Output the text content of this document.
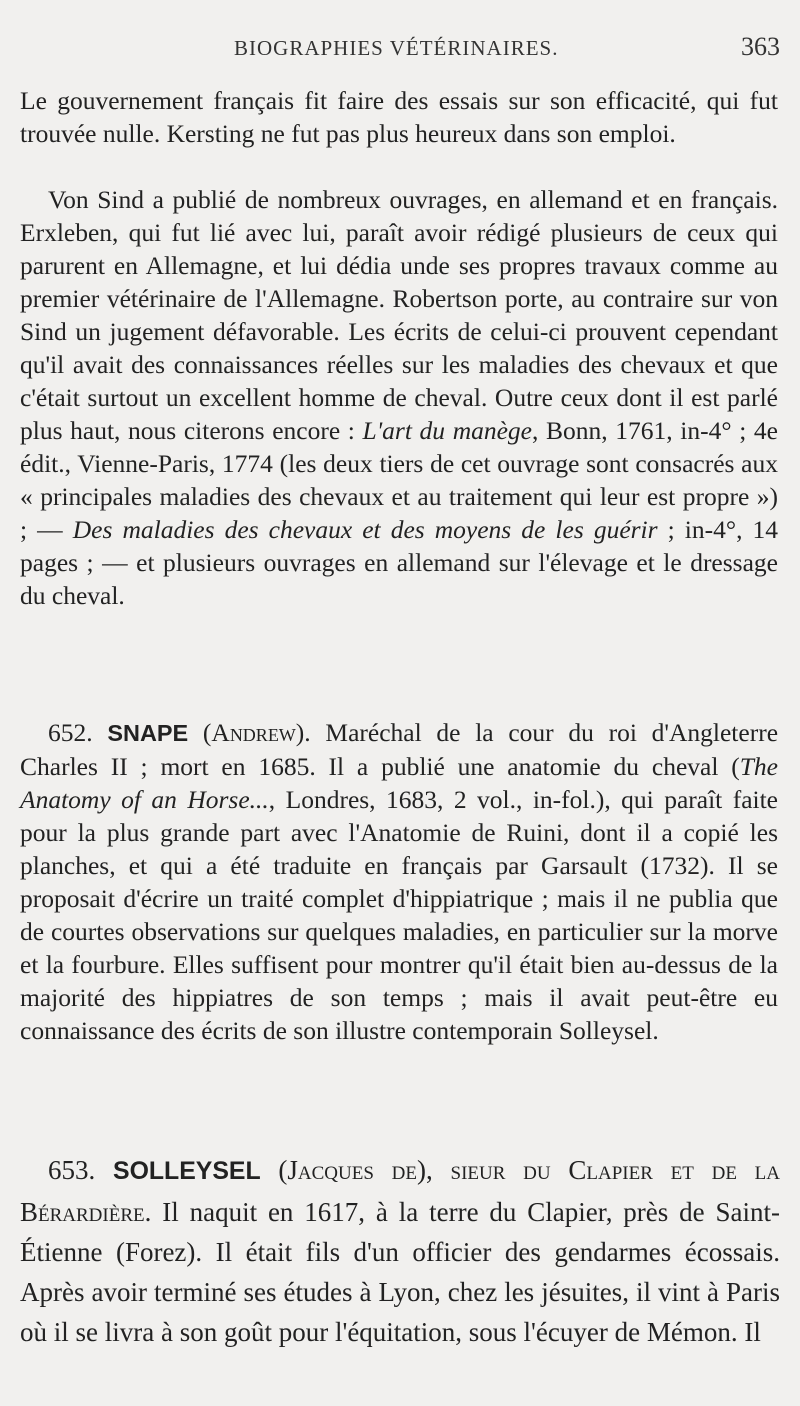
BIOGRAPHIES VÉTÉRINAIRES.	363

Le gouvernement français fit faire des essais sur son efficacité, qui fut trouvée nulle. Kersting ne fut pas plus heureux dans son emploi.

Von Sind a publié de nombreux ouvrages, en allemand et en français. Erxleben, qui fut lié avec lui, paraît avoir rédigé plusieurs de ceux qui parurent en Allemagne, et lui dédia unde ses propres travaux comme au premier vétérinaire de l'Allemagne. Robertson porte, au contraire sur von Sind un jugement défavorable. Les écrits de celui-ci prouvent cependant qu'il avait des connaissances réelles sur les maladies des chevaux et que c'était surtout un excellent homme de cheval. Outre ceux dont il est parlé plus haut, nous citerons encore : L'art du manège, Bonn, 1761, in-4° ; 4e édit., Vienne-Paris, 1774 (les deux tiers de cet ouvrage sont consacrés aux « principales maladies des chevaux et au traitement qui leur est propre ») ; — Des maladies des chevaux et des moyens de les guérir ; in-4°, 14 pages ; — et plusieurs ouvrages en allemand sur l'élevage et le dressage du cheval.

652. SNAPE (Andrew). Maréchal de la cour du roi d'Angleterre Charles II ; mort en 1685. Il a publié une anatomie du cheval (The Anatomy of an Horse..., Londres, 1683, 2 vol., in-fol.), qui paraît faite pour la plus grande part avec l'Anatomie de Ruini, dont il a copié les planches, et qui a été traduite en français par Garsault (1732). Il se proposait d'écrire un traité complet d'hippiatrique ; mais il ne publia que de courtes observations sur quelques maladies, en particulier sur la morve et la fourbure. Elles suffisent pour montrer qu'il était bien au-dessus de la majorité des hippiatres de son temps ; mais il avait peut-être eu connaissance des écrits de son illustre contemporain Solleysel.

653. SOLLEYSEL (Jacques de), sieur du Clapier et de la Bérardière. Il naquit en 1617, à la terre du Clapier, près de Saint-Étienne (Forez). Il était fils d'un officier des gendarmes écossais. Après avoir terminé ses études à Lyon, chez les jésuites, il vint à Paris où il se livra à son goût pour l'équitation, sous l'écuyer de Mémon. Il
